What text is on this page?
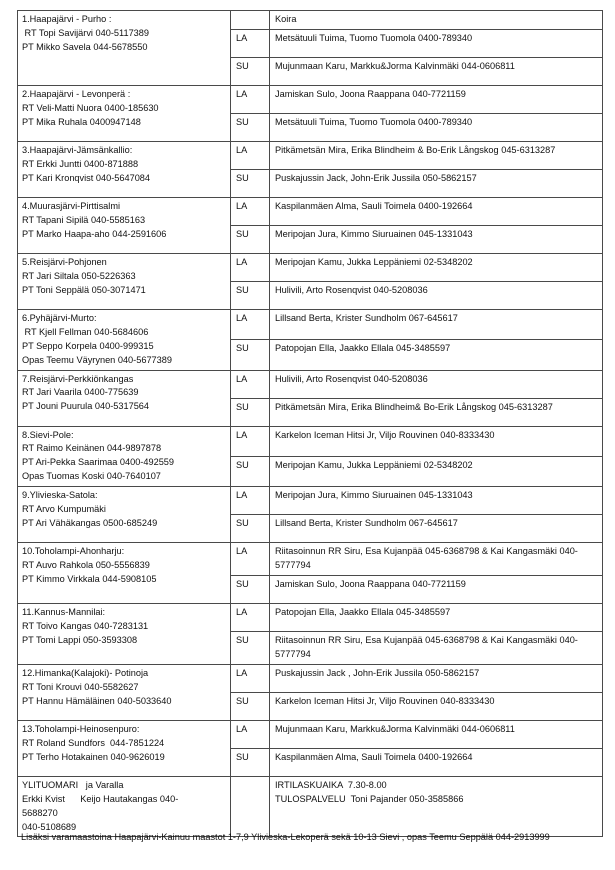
1.Haapajärvi - Purho :
RT Topi Savijärvi 040-5117389
PT Mikko Savela 044-5678550		Koira

	LA	Metsätuuli Tuima, Tuomo Tuomola 0400-789340

	SU	Mujunmaan Karu, Markku&Jorma Kalvinmäki 044-0606811

2.Haapajärvi - Levonperä :
RT Veli-Matti Nuora 0400-185630
PT Mika Ruhala 0400947148	LA	Jamiskan Sulo, Joona Raappana 040-7721159

	SU	Metsätuuli Tuima, Tuomo Tuomola 0400-789340

3.Haapajärvi-Jämsänkallio:
RT Erkki Juntti 0400-871888
PT Kari Kronqvist 040-5647084	LA	Pitkämetsän Mira, Erika Blindheim & Bo-Erik Långskog 045-6313287

	SU	Puskajussin Jack, John-Erik Jussila 050-5862157

4.Muurasjärvi-Pirttisalmi
RT Tapani Sipilä 040-5585163
PT Marko Haapa-aho 044-2591606	LA	Kaspilanmäen Alma, Sauli Toimela 0400-192664

	SU	Meripojan Jura, Kimmo Siuruainen 045-1331043

5.Reisjärvi-Pohjonen
RT Jari Siltala 050-5226363
PT Toni Seppälä 050-3071471	LA	Meripojan Kamu, Jukka Leppäniemi 02-5348202

	SU	Hulivili, Arto Rosenqvist 040-5208036

6.Pyhäjärvi-Murto:
RT Kjell Fellman 040-5684606
PT Seppo Korpela 0400-999315
Opas Teemu Väyrynen 040-5677389	LA	Lillsand Berta, Krister Sundholm 067-645617

	SU	Patopojan Ella, Jaakko Ellala 045-3485597

7.Reisjärvi-Perkkiönkangas
RT Jari Vaarila 0400-775639
PT Jouni Puurula 040-5317564	LA	Hulivili, Arto Rosenqvist 040-5208036

	SU	Pitkämetsän Mira, Erika Blindheim& Bo-Erik Långskog 045-6313287

8.Sievi-Pole:
RT Raimo Keinänen 044-9897878
PT Ari-Pekka Saarimaa 0400-492559
Opas Tuomas Koski 040-7640107	LA	Karkelon Iceman Hitsi Jr, Viljo Rouvinen 040-8333430

	SU	Meripojan Kamu, Jukka Leppäniemi 02-5348202

9.Ylivieska-Satola:
RT Arvo Kumpumäki
PT Ari Vähäkangas 0500-685249	LA	Meripojan Jura, Kimmo Siuruainen 045-1331043

	SU	Lillsand Berta, Krister Sundholm 067-645617

10.Toholampi-Ahonharju:
RT Auvo Rahkola 050-5556839
PT Kimmo Virkkala 044-5908105	LA	Riitasoinnun RR Siru, Esa Kujanpää 045-6368798 & Kai Kangasmäki 040-5777794

	SU	Jamiskan Sulo, Joona Raappana 040-7721159

11.Kannus-Mannilai:
RT Toivo Kangas 040-7283131
PT Tomi Lappi 050-3593308	LA	Patopojan Ella, Jaakko Ellala 045-3485597

	SU	Riitasoinnun RR Siru, Esa Kujanpää 045-6368798 & Kai Kangasmäki 040-5777794

12.Himanka(Kalajoki)- Potinoja
RT Toni Krouvi 040-5582627
PT Hannu Hämäläinen 040-5033640	LA	Puskajussin Jack , John-Erik Jussila 050-5862157

	SU	Karkelon Iceman Hitsi Jr, Viljo Rouvinen 040-8333430

13.Toholampi-Heinosenpuro:
RT Roland Sundfors  044-7851224
PT Terho Hotakainen 040-9626019	LA	Mujunmaan Karu, Markku&Jorma Kalvinmäki 044-0606811

	SU	Kaspilanmäen Alma, Sauli Toimela 0400-192664

YLITUOMARI   ja Varalla
Erkki Kvist      Keijo Hautakangas 040-
5688270
040-5108689		IRTILASKUAIKA  7.30-8.00
TULOSPALVELU  Toni Pajander 050-3585866
Lisäksi varamaastoina Haapajärvi-Kainuu maastot 1-7,9 Ylivieska-Lekoperä sekä 10-13 Sievi , opas Teemu Seppälä 044-2913999
